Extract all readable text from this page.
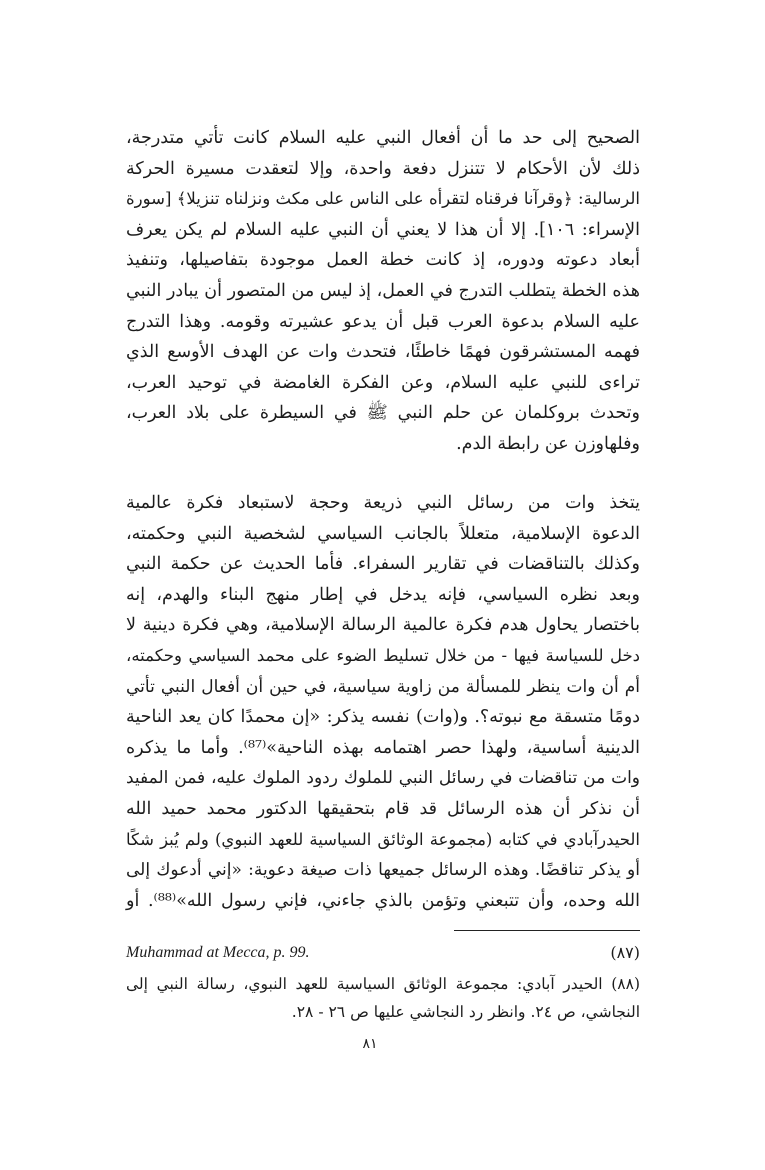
الصحيح إلى حد ما أن أفعال النبي عليه السلام كانت تأتي متدرجة،
ذلك لأن الأحكام لا تتنزل دفعة واحدة، وإلا لتعقدت مسيرة الحركة
الرسالية: ﴿وقرآنا فرقناه لتقرأه على الناس على مكث ونزلناه تنزيلا﴾ [سورة
الإسراء: ١٠٦]. إلا أن هذا لا يعني أن النبي عليه السلام لم يكن يعرف
أبعاد دعوته ودوره، إذ كانت خطة العمل موجودة بتفاصيلها، وتنفيذ
هذه الخطة يتطلب التدرج في العمل، إذ ليس من المتصور أن يبادر النبي
عليه السلام بدعوة العرب قبل أن يدعو عشيرته وقومه. وهذا التدرج
فهمه المستشرقون فهمًا خاطئًا، فتحدث وات عن الهدف الأوسع الذي
تراءى للنبي عليه السلام، وعن الفكرة الغامضة في توحيد العرب،
وتحدث بروكلمان عن حلم النبي ﷺ في السيطرة على بلاد العرب،
وفلهاوزن عن رابطة الدم.
يتخذ وات من رسائل النبي ذريعة وحجة لاستبعاد فكرة عالمية
الدعوة الإسلامية، متعللاً بالجانب السياسي لشخصية النبي وحكمته،
وكذلك بالتناقضات في تقارير السفراء. فأما الحديث عن حكمة النبي
وبعد نظره السياسي، فإنه يدخل في إطار منهج البناء والهدم، إنه
باختصار يحاول هدم فكرة عالمية الرسالة الإسلامية، وهي فكرة دينية لا
دخل للسياسة فيها - من خلال تسليط الضوء على محمد السياسي وحكمته،
أم أن وات ينظر للمسألة من زاوية سياسية، في حين أن أفعال النبي تأتي
دومًا متسقة مع نبوته؟. و(وات) نفسه يذكر: «إن محمدًا كان يعد الناحية
الدينية أساسية، ولهذا حصر اهتمامه بهذه الناحية»⁽⁸⁷⁾. وأما ما يذكره
وات من تناقضات في رسائل النبي للملوك ردود الملوك عليه، فمن المفيد
أن نذكر أن هذه الرسائل قد قام بتحقيقها الدكتور محمد حميد الله
الحيدرآبادي في كتابه (مجموعة الوثائق السياسية للعهد النبوي) ولم يُبز شكًا
أو يذكر تناقضًا. وهذه الرسائل جميعها ذات صيغة دعوية: «إني أدعوك إلى
الله وحده، وأن تتبعني وتؤمن بالذي جاءني، فإني رسول الله»⁽⁸⁸⁾. أو
(٨٧)
Muhammad at Mecca, p. 99.
(٨٨) الحيدر آبادي: مجموعة الوثائق السياسية للعهد النبوي، رسالة النبي إلى
النجاشي، ص ٢٤. وانظر رد النجاشي عليها ص ٢٦ - ٢٨.
٨١
